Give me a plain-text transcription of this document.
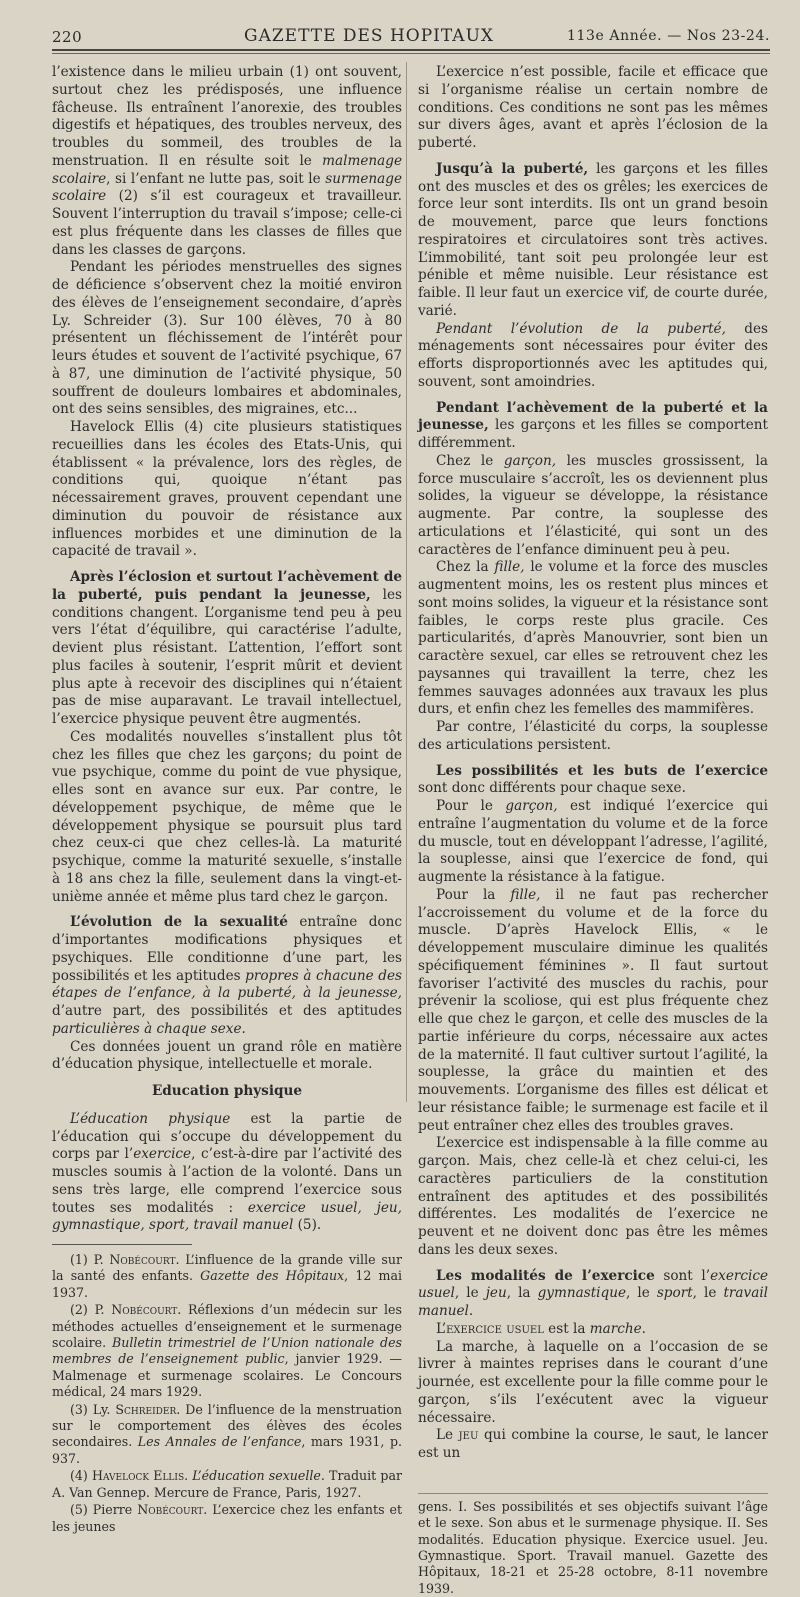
220	GAZETTE DES HOPITAUX	113e Année. — Nos 23-24.

l’existence dans le milieu urbain (1) ont souvent, surtout chez les prédisposés, une influence fâcheuse. Ils entraînent l’anorexie, des troubles digestifs et hépatiques, des troubles nerveux, des troubles du sommeil, des troubles de la menstruation. Il en résulte soit le malmenage scolaire, si l’enfant ne lutte pas, soit le surmenage scolaire (2) s’il est courageux et travailleur. Souvent l’interruption du travail s’impose; celle-ci est plus fréquente dans les classes de filles que dans les classes de garçons.

Pendant les périodes menstruelles des signes de déficience s’observent chez la moitié environ des élèves de l’enseignement secondaire, d’après Ly. Schreider (3). Sur 100 élèves, 70 à 80 présentent un fléchissement de l’intérêt pour leurs études et souvent de l’activité psychique, 67 à 87, une diminution de l’activité physique, 50 souffrent de douleurs lombaires et abdominales, ont des seins sensibles, des migraines, etc...

Havelock Ellis (4) cite plusieurs statistiques recueillies dans les écoles des Etats-Unis, qui établissent « la prévalence, lors des règles, de conditions qui, quoique n’étant pas nécessairement graves, prouvent cependant une diminution du pouvoir de résistance aux influences morbides et une diminution de la capacité de travail ».

Après l’éclosion et surtout l’achèvement de la puberté, puis pendant la jeunesse, les conditions changent. L’organisme tend peu à peu vers l’état d’équilibre, qui caractérise l’adulte, devient plus résistant. L’attention, l’effort sont plus faciles à soutenir, l’esprit mûrit et devient plus apte à recevoir des disciplines qui n’étaient pas de mise auparavant. Le travail intellectuel, l’exercice physique peuvent être augmentés.

Ces modalités nouvelles s’installent plus tôt chez les filles que chez les garçons; du point de vue psychique, comme du point de vue physique, elles sont en avance sur eux. Par contre, le développement psychique, de même que le développement physique se poursuit plus tard chez ceux-ci que chez celles-là. La maturité psychique, comme la maturité sexuelle, s’installe à 18 ans chez la fille, seulement dans la vingt-et-unième année et même plus tard chez le garçon.

L’évolution de la sexualité entraîne donc d’importantes modifications physiques et psychiques. Elle conditionne d’une part, les possibilités et les aptitudes propres à chacune des étapes de l’enfance, à la puberté, à la jeunesse, d’autre part, des possibilités et des aptitudes particulières à chaque sexe.

Ces données jouent un grand rôle en matière d’éducation physique, intellectuelle et morale.

Education physique

L’éducation physique est la partie de l’éducation qui s’occupe du développement du corps par l’exercice, c’est-à-dire par l’activité des muscles soumis à l’action de la volonté. Dans un sens très large, elle comprend l’exercice sous toutes ses modalités : exercice usuel, jeu, gymnastique, sport, travail manuel (5).

(1) P. Nobécourt. L’influence de la grande ville sur la santé des enfants. Gazette des Hôpitaux, 12 mai 1937.

(2) P. Nobécourt. Réflexions d’un médecin sur les méthodes actuelles d’enseignement et le surmenage scolaire. Bulletin trimestriel de l’Union nationale des membres de l’enseignement public, janvier 1929. — Malmenage et surmenage scolaires. Le Concours médical, 24 mars 1929.

(3) Ly. Schreider. De l’influence de la menstruation sur le comportement des élèves des écoles secondaires. Les Annales de l’enfance, mars 1931, p. 937.

(4) Havelock Ellis. L’éducation sexuelle. Traduit par A. Van Gennep. Mercure de France, Paris, 1927.

(5) Pierre Nobécourt. L’exercice chez les enfants et les jeunes

L’exercice n’est possible, facile et efficace que si l’organisme réalise un certain nombre de conditions. Ces conditions ne sont pas les mêmes sur divers âges, avant et après l’éclosion de la puberté.

Jusqu’à la puberté, les garçons et les filles ont des muscles et des os grêles; les exercices de force leur sont interdits. Ils ont un grand besoin de mouvement, parce que leurs fonctions respiratoires et circulatoires sont très actives. L’immobilité, tant soit peu prolongée leur est pénible et même nuisible. Leur résistance est faible. Il leur faut un exercice vif, de courte durée, varié.

Pendant l’évolution de la puberté, des ménagements sont nécessaires pour éviter des efforts disproportionnés avec les aptitudes qui, souvent, sont amoindries.

Pendant l’achèvement de la puberté et la jeunesse, les garçons et les filles se comportent différemment.

Chez le garçon, les muscles grossissent, la force musculaire s’accroît, les os deviennent plus solides, la vigueur se développe, la résistance augmente. Par contre, la souplesse des articulations et l’élasticité, qui sont un des caractères de l’enfance diminuent peu à peu.

Chez la fille, le volume et la force des muscles augmentent moins, les os restent plus minces et sont moins solides, la vigueur et la résistance sont faibles, le corps reste plus gracile. Ces particularités, d’après Manouvrier, sont bien un caractère sexuel, car elles se retrouvent chez les paysannes qui travaillent la terre, chez les femmes sauvages adonnées aux travaux les plus durs, et enfin chez les femelles des mammifères.

Par contre, l’élasticité du corps, la souplesse des articulations persistent.

Les possibilités et les buts de l’exercice sont donc différents pour chaque sexe.

Pour le garçon, est indiqué l’exercice qui entraîne l’augmentation du volume et de la force du muscle, tout en développant l’adresse, l’agilité, la souplesse, ainsi que l’exercice de fond, qui augmente la résistance à la fatigue.

Pour la fille, il ne faut pas rechercher l’accroissement du volume et de la force du muscle. D’après Havelock Ellis, « le développement musculaire diminue les qualités spécifiquement féminines ». Il faut surtout favoriser l’activité des muscles du rachis, pour prévenir la scoliose, qui est plus fréquente chez elle que chez le garçon, et celle des muscles de la partie inférieure du corps, nécessaire aux actes de la maternité. Il faut cultiver surtout l’agilité, la souplesse, la grâce du maintien et des mouvements. L’organisme des filles est délicat et leur résistance faible; le surmenage est facile et il peut entraîner chez elles des troubles graves.

L’exercice est indispensable à la fille comme au garçon. Mais, chez celle-là et chez celui-ci, les caractères particuliers de la constitution entraînent des aptitudes et des possibilités différentes. Les modalités de l’exercice ne peuvent et ne doivent donc pas être les mêmes dans les deux sexes.

Les modalités de l’exercice sont l’exercice usuel, le jeu, la gymnastique, le sport, le travail manuel.

L’exercice usuel est la marche.

La marche, à laquelle on a l’occasion de se livrer à maintes reprises dans le courant d’une journée, est excellente pour la fille comme pour le garçon, s’ils l’exécutent avec la vigueur nécessaire.

Le jeu qui combine la course, le saut, le lancer est un

gens. I. Ses possibilités et ses objectifs suivant l’âge et le sexe. Son abus et le surmenage physique. II. Ses modalités. Education physique. Exercice usuel. Jeu. Gymnastique. Sport. Travail manuel. Gazette des Hôpitaux, 18-21 et 25-28 octobre, 8-11 novembre 1939.
